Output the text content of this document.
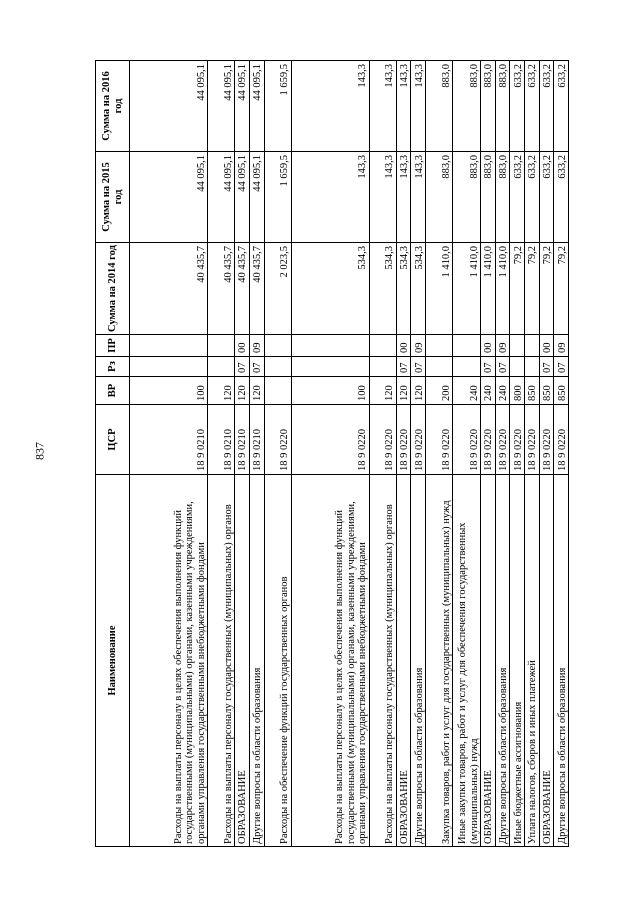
837
Наименование	ЦСР	ВР	Рз	ПР	Сумма на 2014 год	Сумма на 2015 год	Сумма на 2016 год
Расходы на выплаты персоналу в целях обеспечения выполнения функций государственными (муниципальными) органами, казенными учреждениями, органами управления государственными внебюджетными фондами	18 9 0210	100			40 435,7	44 095,1	44 095,1
Расходы на выплаты персоналу государственных (муниципальных) органов	18 9 0210	120			40 435,7	44 095,1	44 095,1
ОБРАЗОВАНИЕ	18 9 0210	120	07	00	40 435,7	44 095,1	44 095,1
Другие вопросы в области образования	18 9 0210	120	07	09	40 435,7	44 095,1	44 095,1
Расходы на обеспечение функций государственных органов	18 9 0220				2 023,5	1 659,5	1 659,5
Расходы на выплаты персоналу в целях обеспечения выполнения функций государственными (муниципальными) органами, казенными учреждениями, органами управления государственными внебюджетными фондами	18 9 0220	100			534,3	143,3	143,3
Расходы на выплаты персоналу государственных (муниципальных) органов	18 9 0220	120			534,3	143,3	143,3
ОБРАЗОВАНИЕ	18 9 0220	120	07	00	534,3	143,3	143,3
Другие вопросы в области образования	18 9 0220	120	07	09	534,3	143,3	143,3
Закупка товаров, работ и услуг для государственных (муниципальных) нужд	18 9 0220	200			1 410,0	883,0	883,0
Иные закупки товаров, работ и услуг для обеспечения государственных (муниципальных) нужд	18 9 0220	240			1 410,0	883,0	883,0
ОБРАЗОВАНИЕ	18 9 0220	240	07	00	1 410,0	883,0	883,0
Другие вопросы в области образования	18 9 0220	240	07	09	1 410,0	883,0	883,0
Иные бюджетные ассигнования	18 9 0220	800			79,2	633,2	633,2
Уплата налогов, сборов и иных платежей	18 9 0220	850			79,2	633,2	633,2
ОБРАЗОВАНИЕ	18 9 0220	850	07	00	79,2	633,2	633,2
Другие вопросы в области образования	18 9 0220	850	07	09	79,2	633,2	633,2
